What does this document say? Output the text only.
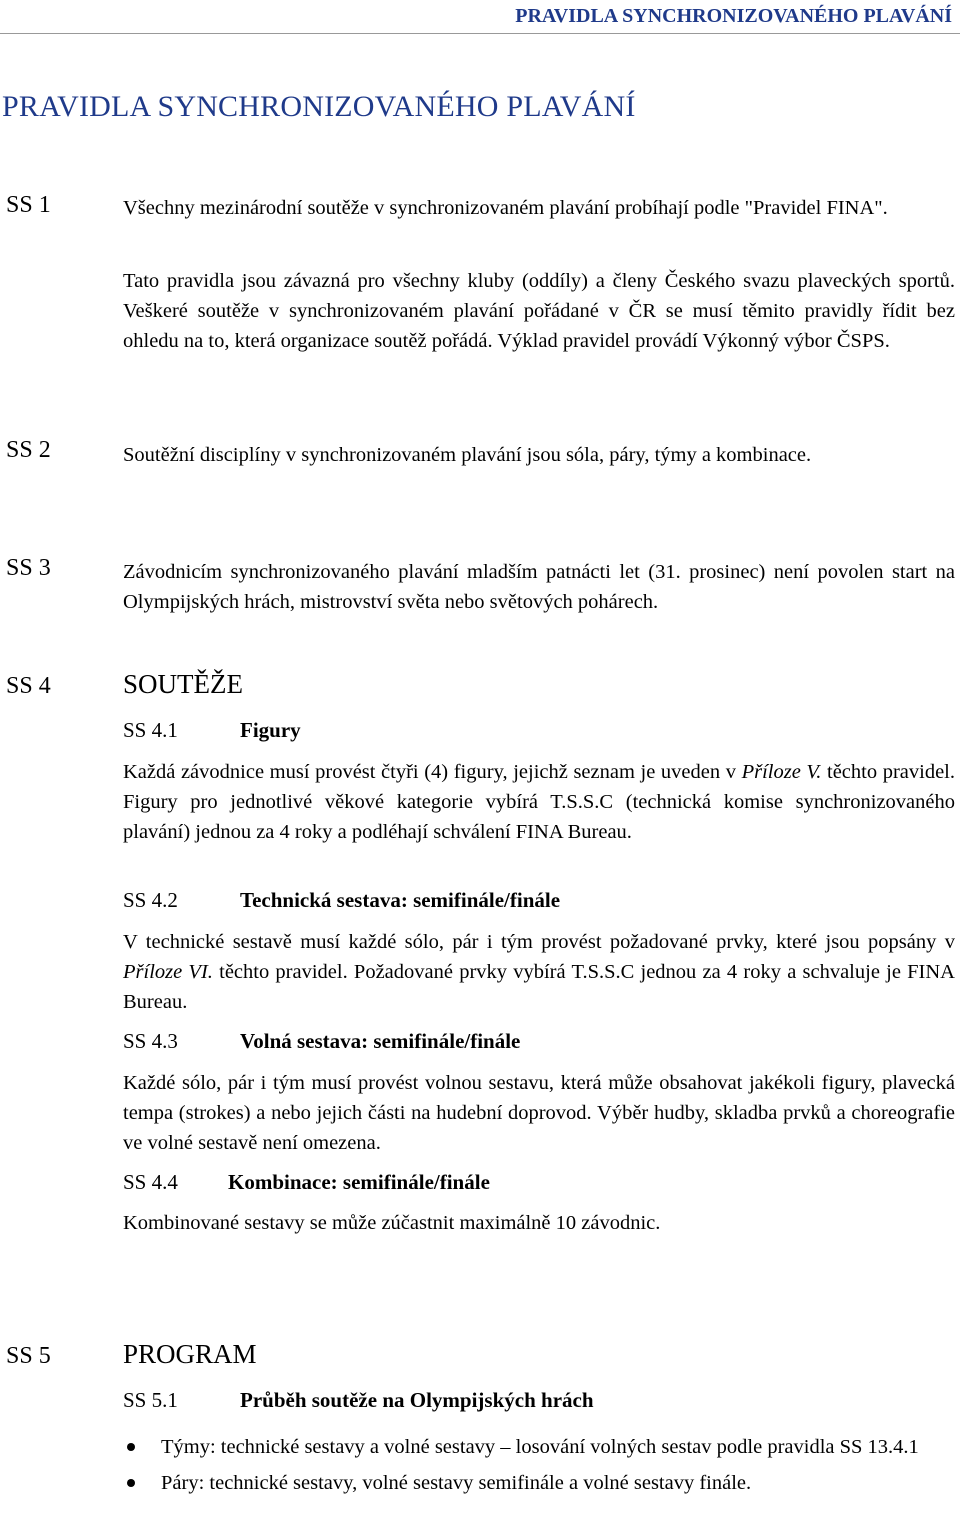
PRAVIDLA SYNCHRONIZOVANÉHO PLAVÁNÍ
PRAVIDLA SYNCHRONIZOVANÉHO PLAVÁNÍ
SS 1	Všechny mezinárodní soutěže v synchronizovaném plavání probíhají podle "Pravidel FINA".

Tato pravidla jsou závazná pro všechny kluby (oddíly) a členy Českého svazu plaveckých sportů. Veškeré soutěže v synchronizovaném plavání pořádané v ČR se musí těmito pravidly řídit bez ohledu na to, která organizace soutěž pořádá. Výklad pravidel provádí Výkonný výbor ČSPS.

SS 2	Soutěžní disciplíny v synchronizovaném plavání jsou sóla, páry, týmy a kombinace.

SS 3	Závodnicím synchronizovaného plavání mladším patnácti let (31. prosinec) není povolen start na Olympijských hrách, mistrovství světa nebo světových pohárech.

SS 4	SOUTĚŽE
SS 4.1	Figury

Každá závodnice musí provést čtyři (4) figury, jejichž seznam je uveden v Příloze V. těchto pravidel. Figury pro jednotlivé věkové kategorie vybírá T.S.S.C (technická komise synchronizovaného plavání) jednou za 4 roky a podléhají schválení FINA Bureau.

SS 4.2	Technická sestava: semifinále/finále

V technické sestavě musí každé sólo, pár i tým provést požadované prvky, které jsou popsány v Příloze VI. těchto pravidel. Požadované prvky vybírá T.S.S.C jednou za 4 roky a schvaluje je FINA Bureau.

SS 4.3	Volná sestava: semifinále/finále

Každé sólo, pár i tým musí provést volnou sestavu, která může obsahovat jakékoli figury, plavecká tempa (strokes) a nebo jejich části na hudební doprovod. Výběr hudby, skladba prvků a choreografie ve volné sestavě není omezena.

SS 4.4 Kombinace: semifinále/finále

Kombinované sestavy se může zúčastnit maximálně 10 závodnic.

SS 5	PROGRAM
SS 5.1	Průběh soutěže na Olympijských hrách
Týmy: technické sestavy a volné sestavy – losování volných sestav podle pravidla SS 13.4.1
Páry: technické sestavy, volné sestavy semifinále a volné sestavy finále.
